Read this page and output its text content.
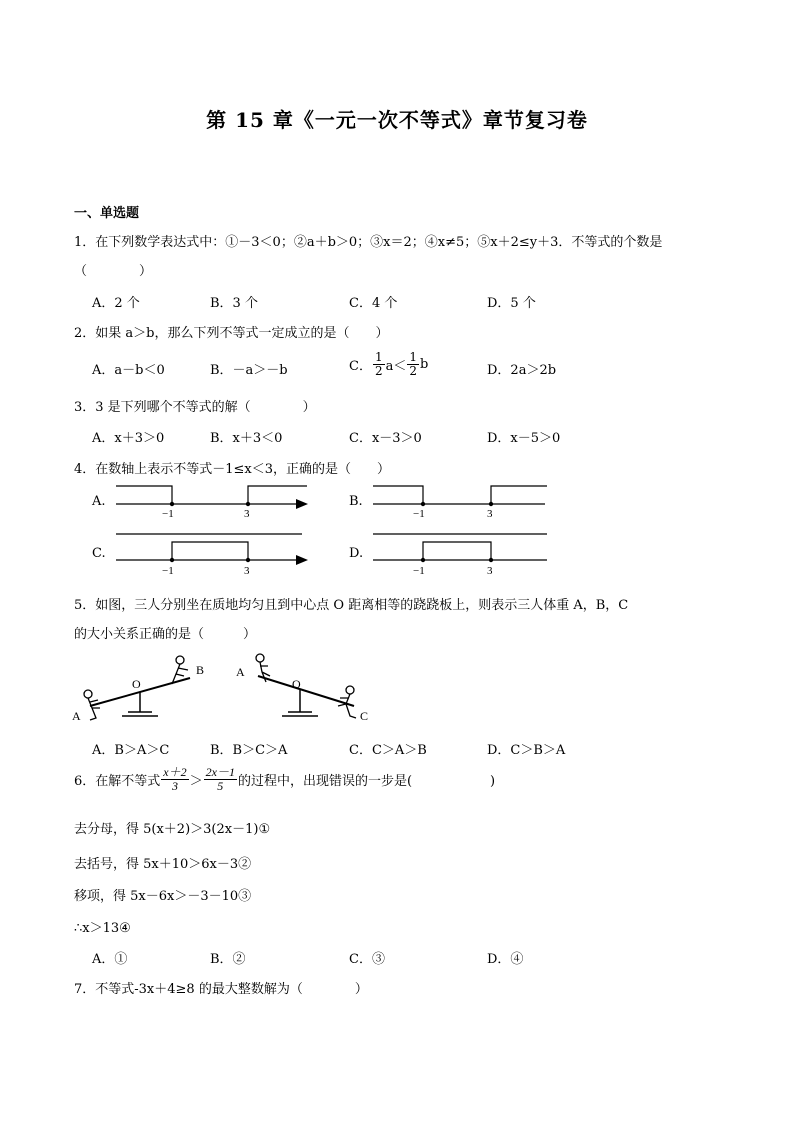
第 15 章《一元一次不等式》章节复习卷
一、单选题
1．在下列数学表达式中：①－3＜0；②a＋b＞0；③x＝2；④x≠5；⑤x＋2≤y＋3．不等式的个数是
（　　　　）
A．2 个	B．3 个	C．4 个	D．5 个
2．如果 a＞b，那么下列不等式一定成立的是（　　）
A．a－b＜0	B．－a＞－b	C． $\frac{1}{2} a< \frac{1}{2}$ b	D．2a＞2b
3．3 是下列哪个不等式的解（　　　　）
A．x＋3＞0	B．x＋3＜0	C．x－3＞0	D．x－5＞0
4．在数轴上表示不等式－1≤x＜3，正确的是（　　）
A.
−1	3
B.
−1	3
C.
−1	3
D.
−1	3
5．如图，三人分别坐在质地均匀且到中心点 O 距离相等的跷跷板上，则表示三人体重 A，B，C
的大小关系正确的是（　　　）
O
B
A
A
O
C
A．B＞A＞C	B．B＞C＞A	C．C＞A＞B	D．C＞B＞A
6．在解不等式 $\frac{x+2}{3} > \frac{2x-1}{5}$ 的过程中，出现错误的一步是(　　　　　　)
去分母，得 5(x＋2)＞3(2x－1)①
去括号，得 5x＋10＞6x－3②
移项，得 5x－6x＞－3－10③
∴x＞13④
A．①	B．②	C．③	D．④
7．不等式-3x＋4≥8 的最大整数解为（　　　　）
